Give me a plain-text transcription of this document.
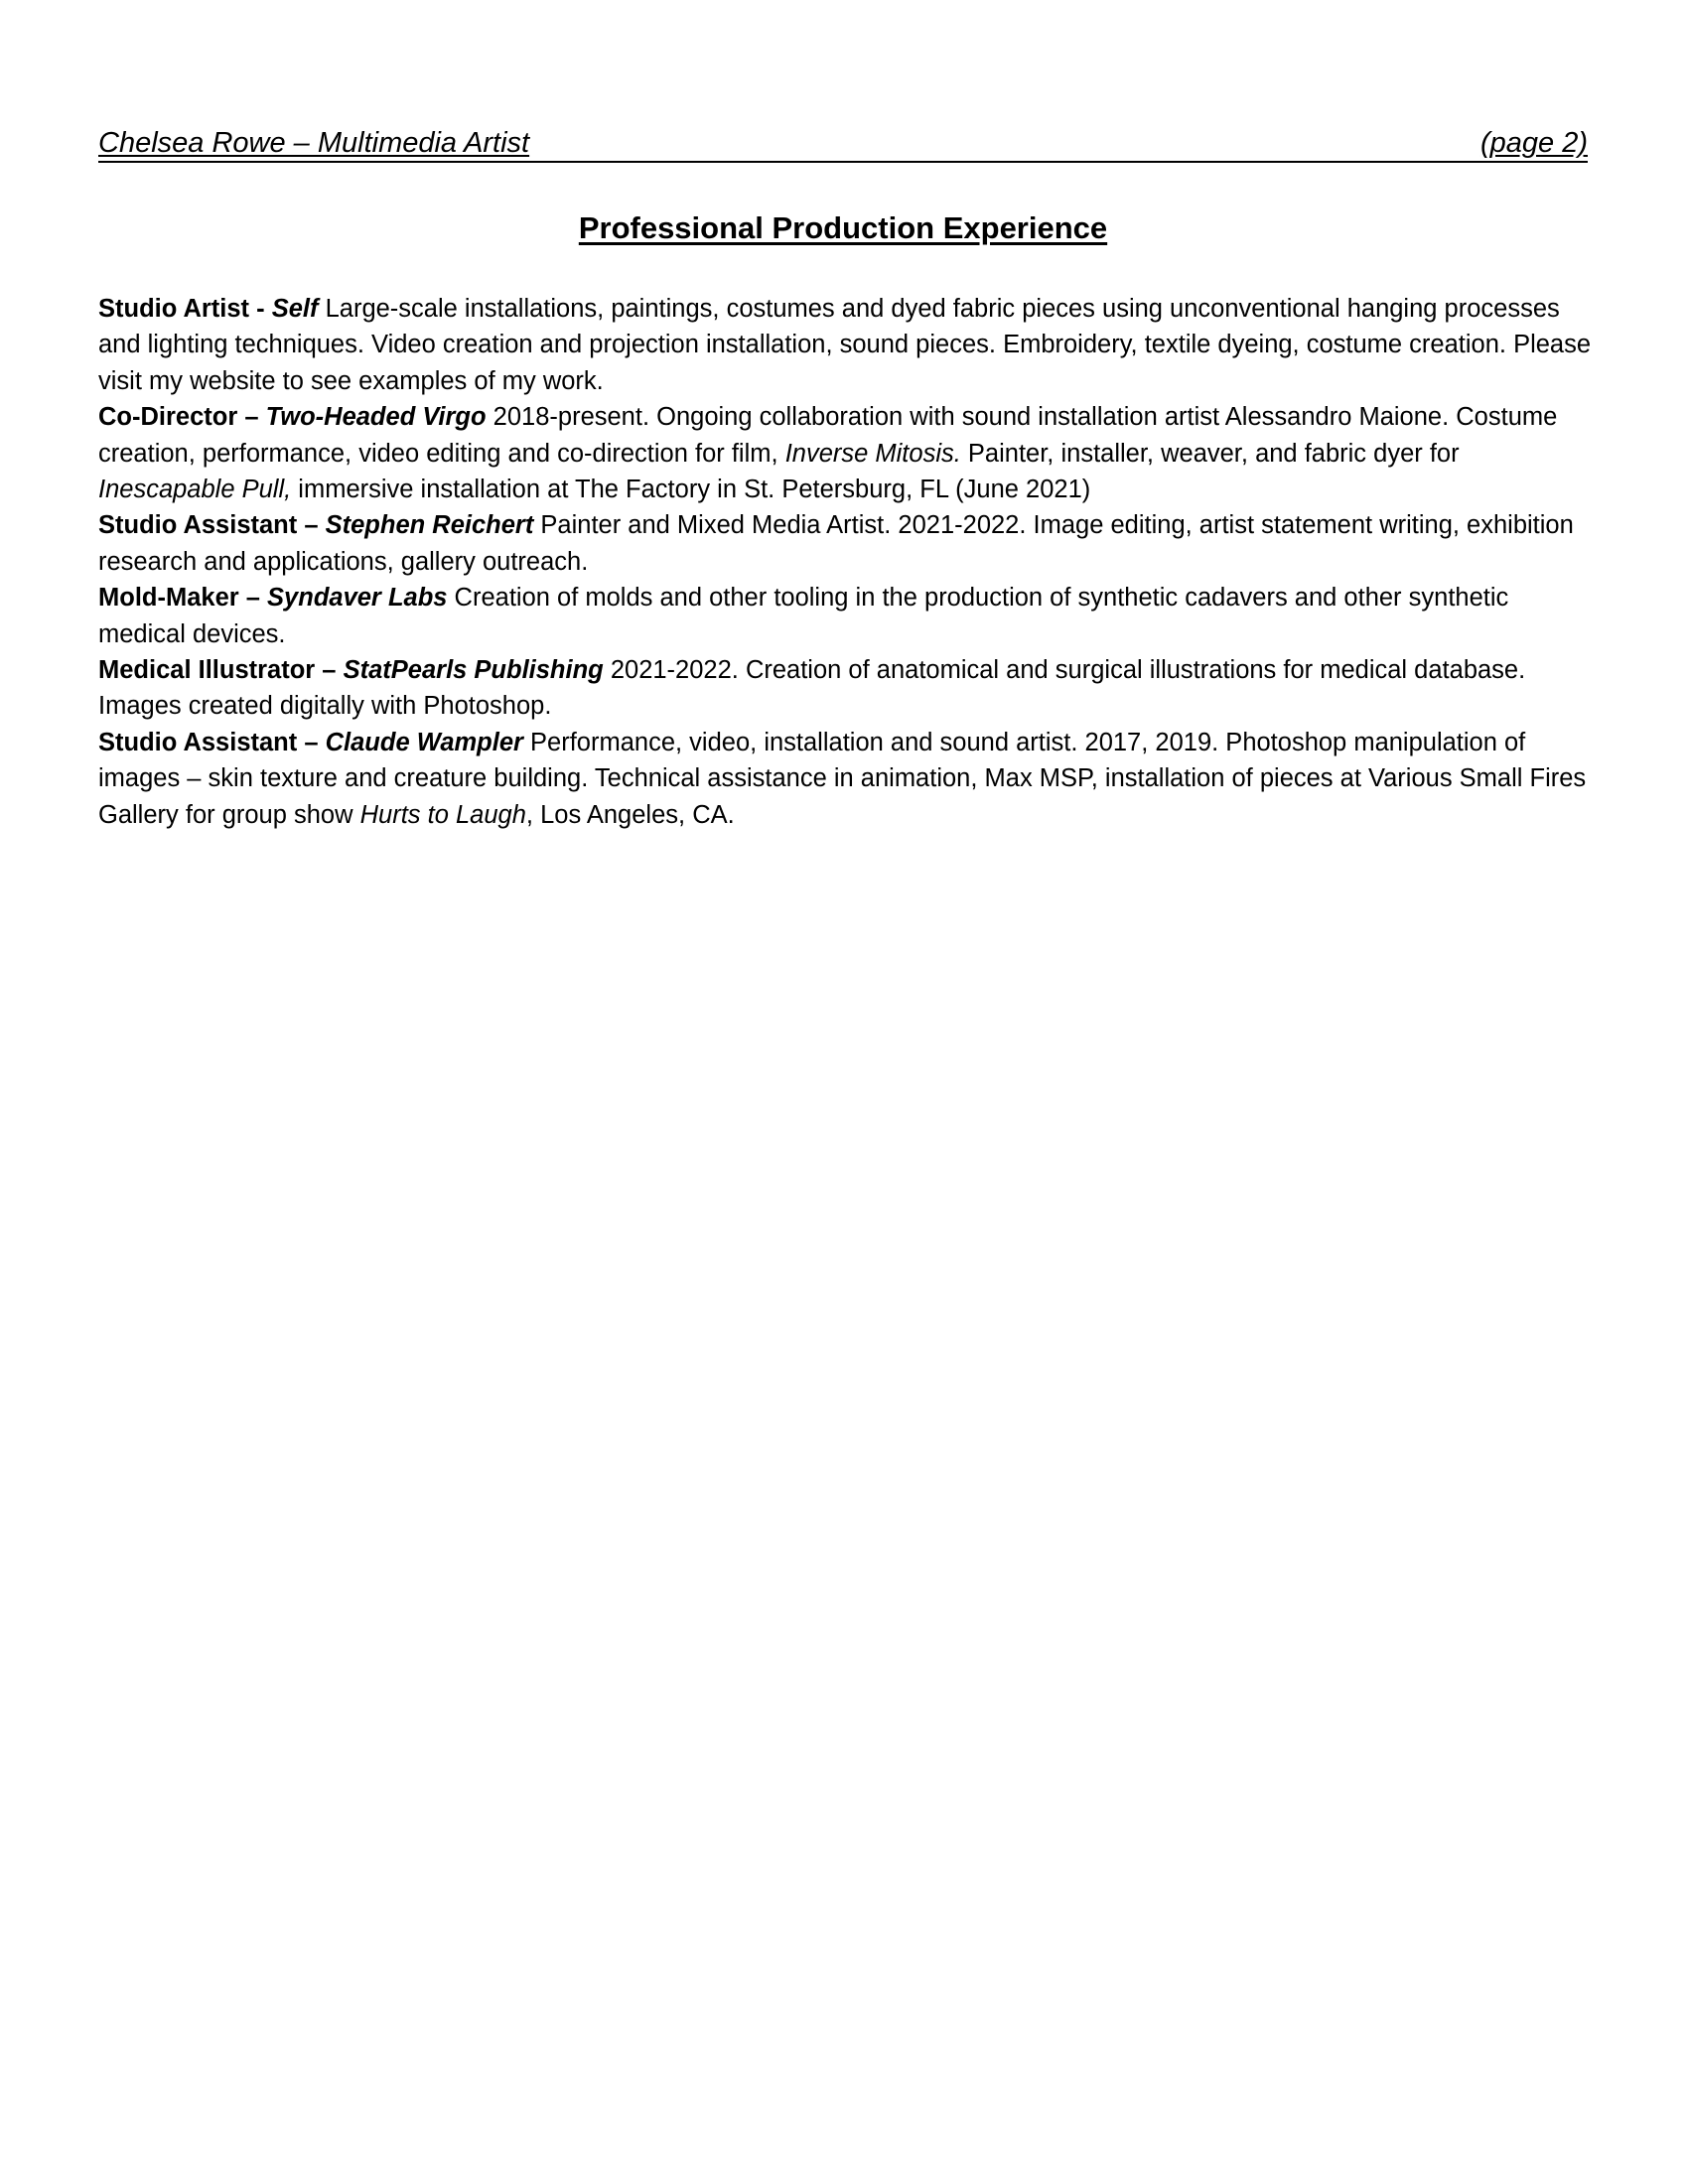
Chelsea Rowe – Multimedia Artist	(page 2)
Professional Production Experience

Studio Artist - Self Large-scale installations, paintings, costumes and dyed fabric pieces using unconventional hanging processes and lighting techniques. Video creation and projection installation, sound pieces. Embroidery, textile dyeing, costume creation. Please visit my website to see examples of my work.

Co-Director – Two-Headed Virgo 2018-present. Ongoing collaboration with sound installation artist Alessandro Maione. Costume creation, performance, video editing and co-direction for film, Inverse Mitosis. Painter, installer, weaver, and fabric dyer for Inescapable Pull, immersive installation at The Factory in St. Petersburg, FL (June 2021)

Studio Assistant – Stephen Reichert Painter and Mixed Media Artist. 2021-2022. Image editing, artist statement writing, exhibition research and applications, gallery outreach.

Mold-Maker – Syndaver Labs Creation of molds and other tooling in the production of synthetic cadavers and other synthetic medical devices.

Medical Illustrator – StatPearls Publishing 2021-2022. Creation of anatomical and surgical illustrations for medical database. Images created digitally with Photoshop.

Studio Assistant – Claude Wampler Performance, video, installation and sound artist. 2017, 2019. Photoshop manipulation of images – skin texture and creature building. Technical assistance in animation, Max MSP, installation of pieces at Various Small Fires Gallery for group show Hurts to Laugh, Los Angeles, CA.
